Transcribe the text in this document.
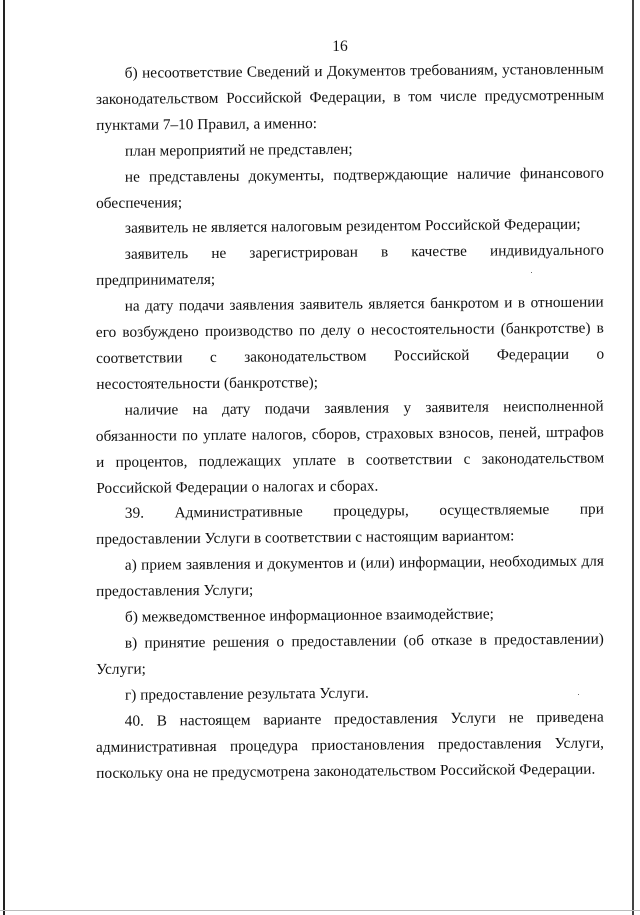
16

б) несоответствие Сведений и Документов требованиям, установленным законодательством Российской Федерации, в том числе предусмотренным пунктами 7–10 Правил, а именно:

план мероприятий не представлен;

не представлены документы, подтверждающие наличие финансового обеспечения;

заявитель не является налоговым резидентом Российской Федерации;

заявитель не зарегистрирован в качестве индивидуального предпринимателя;

на дату подачи заявления заявитель является банкротом и в отношении его возбуждено производство по делу о несостоятельности (банкротстве) в соответствии с законодательством Российской Федерации о несостоятельности (банкротстве);

наличие на дату подачи заявления у заявителя неисполненной обязанности по уплате налогов, сборов, страховых взносов, пеней, штрафов и процентов, подлежащих уплате в соответствии с законодательством Российской Федерации о налогах и сборах.

39. Административные процедуры, осуществляемые при предоставлении Услуги в соответствии с настоящим вариантом:

а) прием заявления и документов и (или) информации, необходимых для предоставления Услуги;

б) межведомственное информационное взаимодействие;

в) принятие решения о предоставлении (об отказе в предоставлении) Услуги;

г) предоставление результата Услуги.

40. В настоящем варианте предоставления Услуги не приведена административная процедура приостановления предоставления Услуги, поскольку она не предусмотрена законодательством Российской Федерации.
